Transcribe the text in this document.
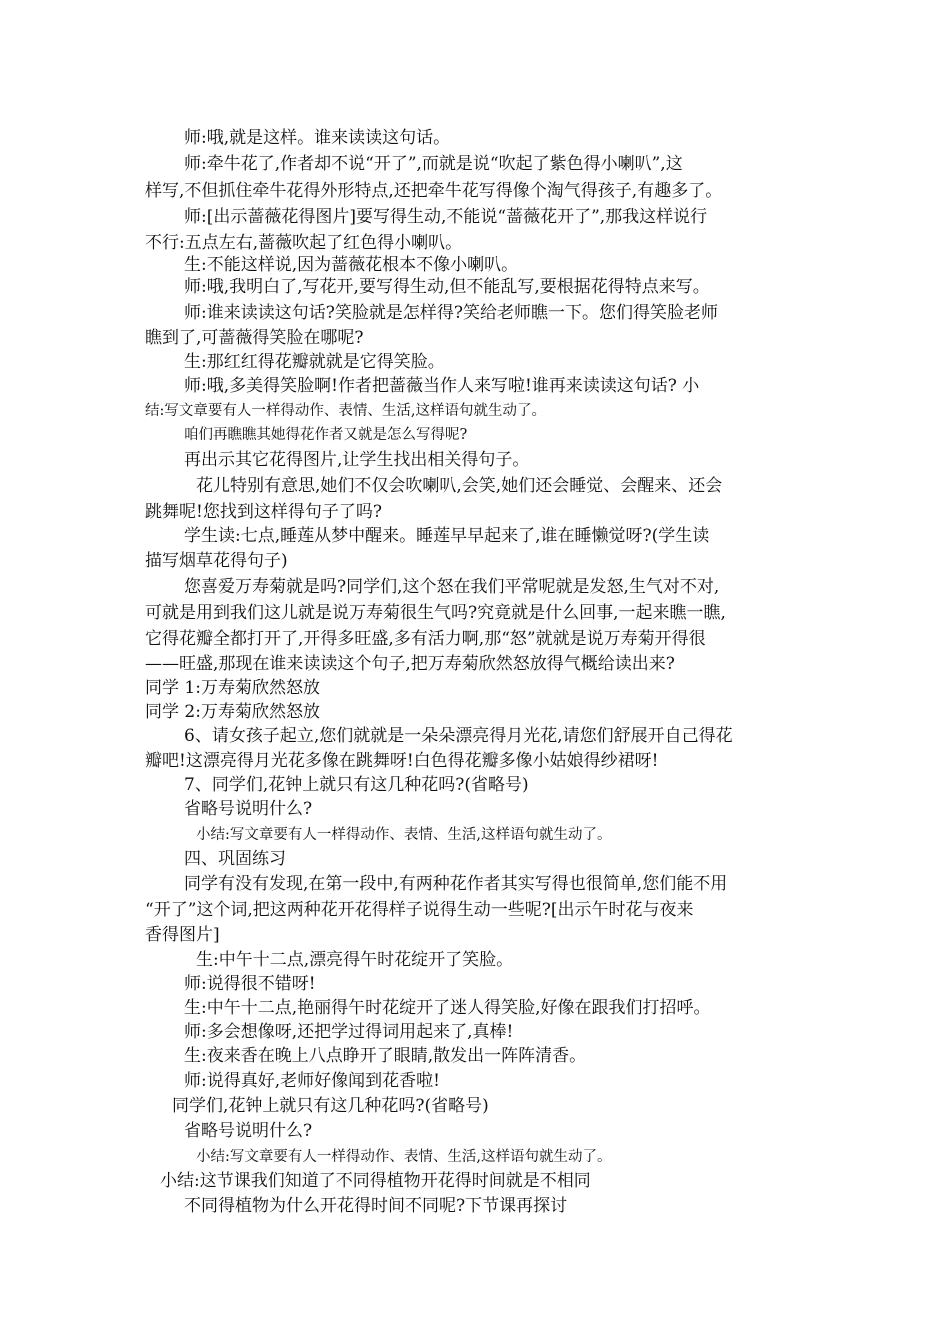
师:哦,就是这样。谁来读读这句话。
师:牵牛花了,作者却不说“开了”,而就是说“吹起了紫色得小喇叭”,这
样写,不但抓住牵牛花得外形特点,还把牵牛花写得像个淘气得孩子,有趣多了。
师:[出示蔷薇花得图片]要写得生动,不能说“蔷薇花开了”,那我这样说行
不行:五点左右,蔷薇吹起了红色得小喇叭。
生:不能这样说,因为蔷薇花根本不像小喇叭。
师:哦,我明白了,写花开,要写得生动,但不能乱写,要根据花得特点来写。
师:谁来读读这句话?笑脸就是怎样得?笑给老师瞧一下。您们得笑脸老师
瞧到了,可蔷薇得笑脸在哪呢?
生:那红红得花瓣就就是它得笑脸。
师:哦,多美得笑脸啊!作者把蔷薇当作人来写啦!谁再来读读这句话? 小
结:写文章要有人一样得动作、表情、生活,这样语句就生动了。
咱们再瞧瞧其她得花作者又就是怎么写得呢?
再出示其它花得图片,让学生找出相关得句子。
花儿特别有意思,她们不仅会吹喇叭,会笑,她们还会睡觉、会醒来、还会
跳舞呢!您找到这样得句子了吗?
学生读:七点,睡莲从梦中醒来。睡莲早早起来了,谁在睡懒觉呀?(学生读
描写烟草花得句子)
您喜爱万寿菊就是吗?同学们,这个怒在我们平常呢就是发怒,生气对不对,
可就是用到我们这儿就是说万寿菊很生气吗?究竟就是什么回事,一起来瞧一瞧,
它得花瓣全都打开了,开得多旺盛,多有活力啊,那“怒”就就是说万寿菊开得很
——旺盛,那现在谁来读读这个句子,把万寿菊欣然怒放得气概给读出来?
同学 1:万寿菊欣然怒放
同学 2:万寿菊欣然怒放
6、请女孩子起立,您们就就是一朵朵漂亮得月光花,请您们舒展开自己得花
瓣吧!这漂亮得月光花多像在跳舞呀!白色得花瓣多像小姑娘得纱裙呀!
7、同学们,花钟上就只有这几种花吗?(省略号)
省略号说明什么?
小结:写文章要有人一样得动作、表情、生活,这样语句就生动了。
四、巩固练习
同学有没有发现,在第一段中,有两种花作者其实写得也很简单,您们能不用
“开了”这个词,把这两种花开花得样子说得生动一些呢?[出示午时花与夜来
香得图片]
生:中午十二点,漂亮得午时花绽开了笑脸。
师:说得很不错呀!
生:中午十二点,艳丽得午时花绽开了迷人得笑脸,好像在跟我们打招呼。
师:多会想像呀,还把学过得词用起来了,真棒!
生:夜来香在晚上八点睁开了眼睛,散发出一阵阵清香。
师:说得真好,老师好像闻到花香啦!
同学们,花钟上就只有这几种花吗?(省略号)
省略号说明什么?
小结:写文章要有人一样得动作、表情、生活,这样语句就生动了。
小结:这节课我们知道了不同得植物开花得时间就是不相同
不同得植物为什么开花得时间不同呢?下节课再探讨
